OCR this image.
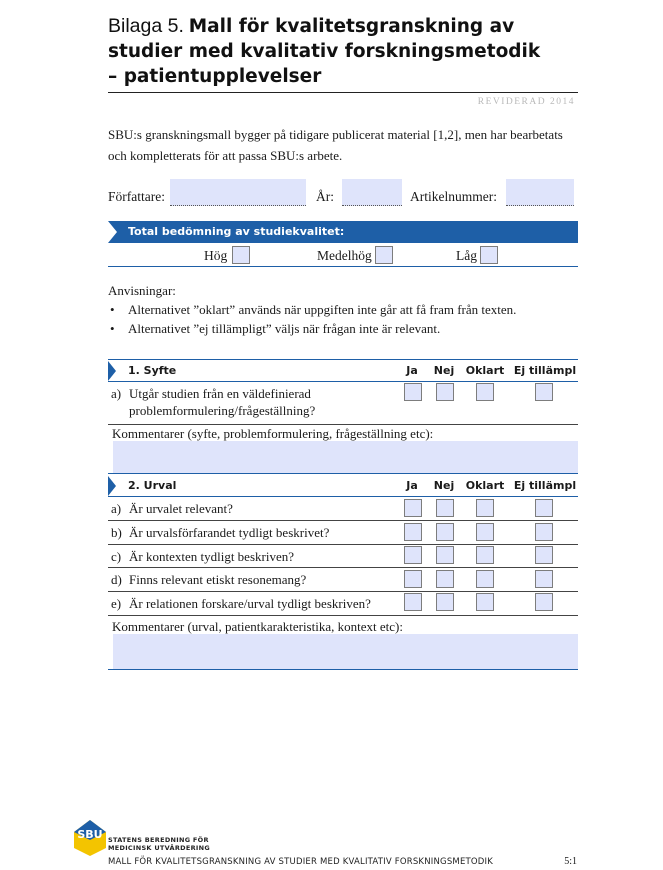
Bilaga 5. Mall för kvalitetsgranskning av
studier med kvalitativ forskningsmetodik
– patientupplevelser
REVIDERAD 2014
SBU:s granskningsmall bygger på tidigare publicerat material [1,2], men har bearbetats och kompletterats för att passa SBU:s arbete.
Författare:	År:	Artikelnummer:
Total bedömning av studiekvalitet:
Hög	Medelhög	Låg
Anvisningar:
• Alternativet ”oklart” används när uppgiften inte går att få fram från texten.
• Alternativet ”ej tillämpligt” väljs när frågan inte är relevant.
1. Syfte	Ja	Nej	Oklart Ej tillämpl
a) Utgår studien från en väldefinierad problemformulering/frågeställning?
Kommentarer (syfte, problemformulering, frågeställning etc):
2. Urval	Ja	Nej	Oklart Ej tillämpl
a) Är urvalet relevant?
b) Är urvalsförfarandet tydligt beskrivet?
c) Är kontexten tydligt beskriven?
d) Finns relevant etiskt resonemang?
e) Är relationen forskare/urval tydligt beskriven?
Kommentarer (urval, patientkarakteristika, kontext etc):
SBU STATENS BEREDNING FÖR
MEDICINSK UTVÄRDERING
MALL FÖR KVALITETSGRANSKNING AV STUDIER MED KVALITATIV FORSKNINGSMETODIK	5:1
